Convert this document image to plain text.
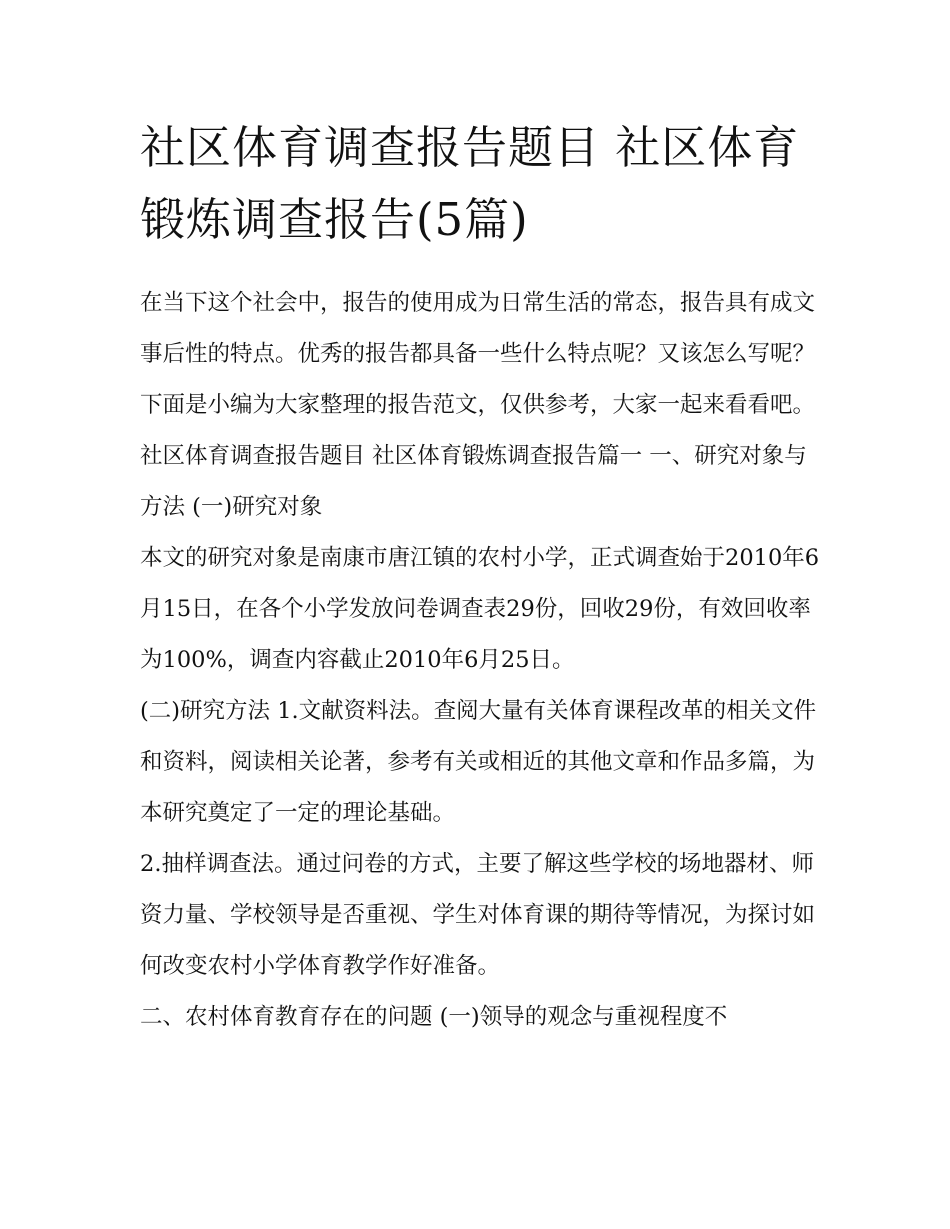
社区体育调查报告题目 社区体育锻炼调查报告(5篇)

在当下这个社会中，报告的使用成为日常生活的常态，报告具有成文事后性的特点。优秀的报告都具备一些什么特点呢？又该怎么写呢？下面是小编为大家整理的报告范文，仅供参考，大家一起来看看吧。

社区体育调查报告题目 社区体育锻炼调查报告篇一 一、研究对象与方法 (一)研究对象

本文的研究对象是南康市唐江镇的农村小学，正式调查始于2010年6月15日，在各个小学发放问卷调查表29份，回收29份，有效回收率为100%，调查内容截止2010年6月25日。

(二)研究方法 1.文献资料法。查阅大量有关体育课程改革的相关文件和资料，阅读相关论著，参考有关或相近的其他文章和作品多篇，为本研究奠定了一定的理论基础。

2.抽样调查法。通过问卷的方式，主要了解这些学校的场地器材、师资力量、学校领导是否重视、学生对体育课的期待等情况，为探讨如何改变农村小学体育教学作好准备。

二、农村体育教育存在的问题 (一)领导的观念与重视程度不
